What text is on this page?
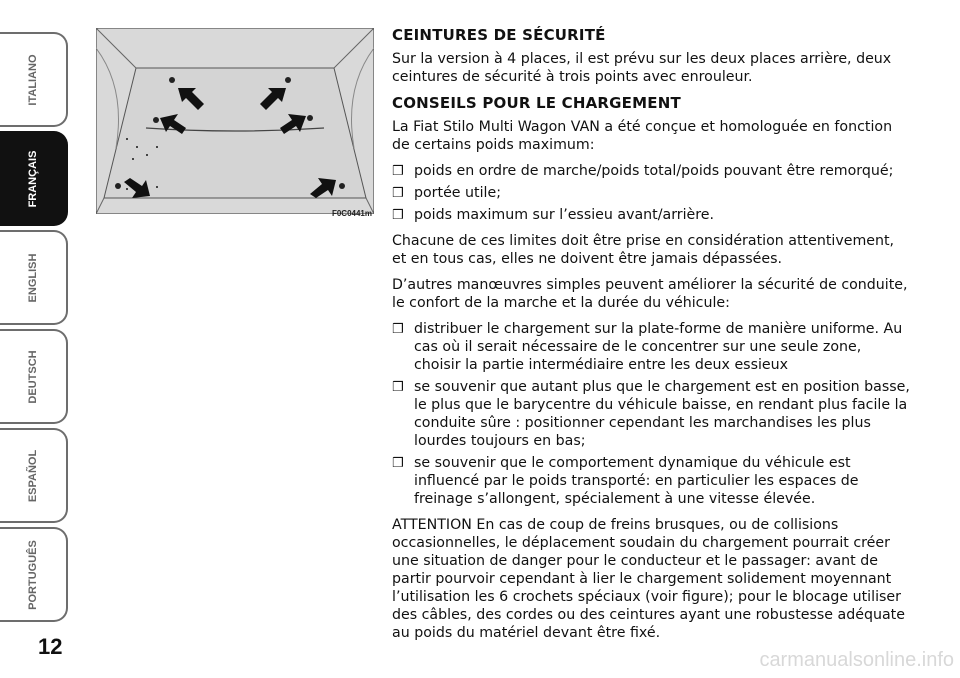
ITALIANO
FRANÇAIS
ENGLISH
DEUTSCH
ESPAÑOL
PORTUGUÊS
12
F0C0441m
CEINTURES DE SÉCURITÉ

Sur la version à 4 places, il est prévu sur les deux places arrière, deux ceintures de sécurité à trois points avec enrouleur.

CONSEILS POUR LE CHARGEMENT

La Fiat Stilo Multi Wagon VAN a été conçue et homologuée en fonction de certains poids maximum:

❒ poids en ordre de marche/poids total/poids pouvant être remorqué;
❒ portée utile;
❒ poids maximum sur l’essieu avant/arrière.

Chacune de ces limites doit être prise en considération attentivement, et en tous cas, elles ne doivent être jamais dépassées.

D’autres manœuvres simples peuvent améliorer la sécurité de conduite, le confort de la marche et la durée du véhicule:

❒ distribuer le chargement sur la plate-forme de manière uniforme. Au cas où il serait nécessaire de le concentrer sur une seule zone, choisir la partie intermédiaire entre les deux essieux
❒ se souvenir que autant plus que le chargement est en position basse, le plus que le barycentre du véhicule baisse, en rendant plus facile la conduite sûre : positionner cependant les marchandises les plus lourdes toujours en bas;
❒ se souvenir que le comportement dynamique du véhicule est influencé par le poids transporté: en particulier les espaces de freinage s’allongent, spécialement à une vitesse élevée.

ATTENTION En cas de coup de freins brusques, ou de collisions occasionnelles, le déplacement soudain du chargement pourrait créer une situation de danger pour le conducteur et le passager: avant de partir pourvoir cependant à lier le chargement solidement moyennant l’utilisation les 6 crochets spéciaux (voir figure); pour le blocage utiliser des câbles, des cordes ou des ceintures ayant une robustesse adéquate au poids du matériel devant être fixé.

carmanualsonline.info
